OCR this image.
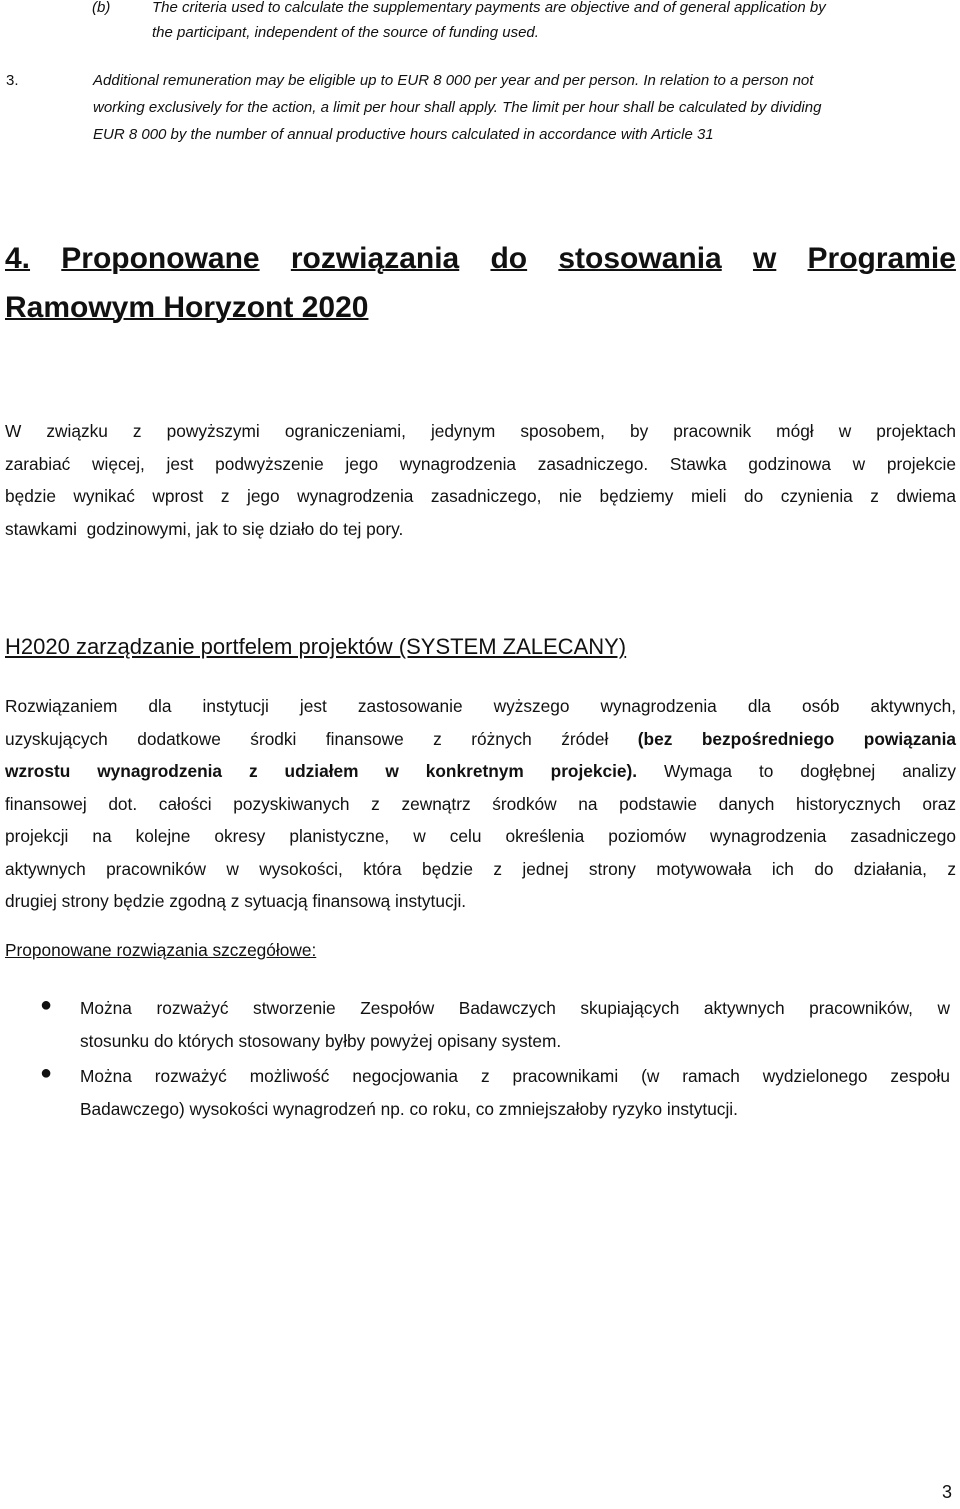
(b)	The criteria used to calculate the supplementary payments are objective and of general application by
the participant, independent of the source of funding used.
3.	Additional remuneration may be eligible up to EUR 8 000 per year and per person. In relation to a person not
working exclusively for the action, a limit per hour shall apply. The limit per hour shall be calculated by dividing
EUR 8 000 by the number of annual productive hours calculated in accordance with Article 31
4. Proponowane rozwiązania do stosowania w Programie
Ramowym Horyzont 2020
W związku z powyższymi ograniczeniami, jedynym sposobem, by pracownik mógł w projektach
zarabiać więcej, jest podwyższenie jego wynagrodzenia zasadniczego. Stawka godzinowa w projekcie
będzie wynikać wprost z jego wynagrodzenia zasadniczego, nie będziemy mieli do czynienia z dwiema
stawkami  godzinowymi, jak to się działo do tej pory.
H2020 zarządzanie portfelem projektów (SYSTEM ZALECANY)
Rozwiązaniem dla instytucji jest zastosowanie wyższego wynagrodzenia dla osób aktywnych,
uzyskujących dodatkowe środki finansowe z różnych źródeł (bez bezpośredniego powiązania
wzrostu wynagrodzenia z udziałem w konkretnym projekcie). Wymaga to dogłębnej analizy
finansowej dot. całości pozyskiwanych z zewnątrz środków na podstawie danych historycznych oraz
projekcji na kolejne okresy planistyczne, w celu określenia poziomów wynagrodzenia zasadniczego
aktywnych pracowników w wysokości, która będzie z jednej strony motywowała ich do działania, z
drugiej strony będzie zgodną z sytuacją finansową instytucji.
Proponowane rozwiązania szczegółowe:
● Można rozważyć stworzenie Zespołów Badawczych skupiających aktywnych pracowników, w
stosunku do których stosowany byłby powyżej opisany system.
● Można rozważyć możliwość negocjowania z pracownikami (w ramach wydzielonego zespołu
Badawczego) wysokości wynagrodzeń np. co roku, co zmniejszałoby ryzyko instytucji.
3
